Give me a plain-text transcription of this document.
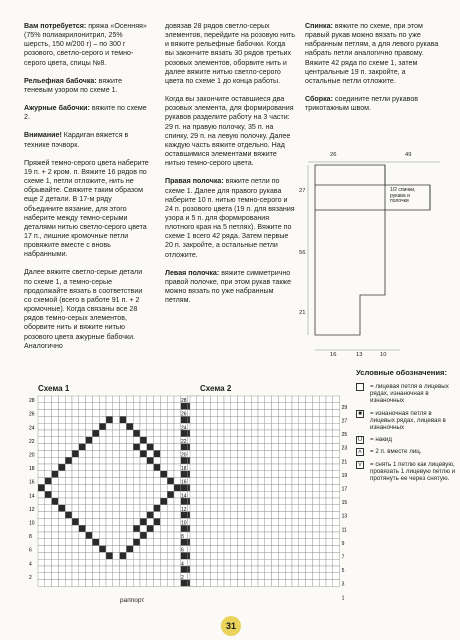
Вам потребуется: пряжа «Осенняя» (75% полиакрилонитрил, 25% шерсть, 150 м/200 г) – по 300 г розового, светло-серого и темно-серого цвета, спицы №8.

Рельефная бабочка: вяжите теневым узором по схеме 1.

Ажурные бабочки: вяжите по схеме 2.

Внимание! Кардиган вяжется в технике пэчворк.

Пряжей темно-серого цвета наберите 19 п. + 2 кром. п. Вяжите 16 рядов по схеме 1, петли отложите, нить не обрывайте. Свяжите таким образом еще 2 детали. В 17-м ряду объедините вязание, для этого наберите между темно-серыми деталями нитью светло-серого цвета 17 п., лишние кромочные петли провяжите вместе с вновь набранными.

Далее вяжите светло-серые детали по схеме 1, а темно-серые продолжайте вязать в соответствии со схемой (всего в работе 91 п. + 2 кромочные). Когда связаны все 28 рядов темно-серых элементов, оборвите нить и вяжите нитью розового цвета ажурные бабочки. Аналогично

довязав 28 рядов светло-серых элементов, перейдите на розовую нить и вяжите рельефные бабочки. Когда вы закончите вязать 30 рядов третьих розовых элементов, оборвите нить и далее вяжите нитью светло-серого цвета по схеме 1 до конца работы.

Когда вы закончите оставшиеся два розовых элемента, для формирования рукавов разделите работу на 3 части: 29 п. на правую полочку, 35 п. на спинку, 29 п. на левую полочку. Далее каждую часть вяжите отдельно. Над оставшимися элементами вяжите нитью темно-серого цвета.

Правая полочка: вяжите петли по схеме 1. Далее для правого рукава наберите 10 п. нитью темно-серого и 24 п. розового цвета (19 п. для вязания узора и 5 п. для формирования плотного края на 5 петлях). Вяжите по схеме 1 всего 42 ряда. Затем первые 20 п. закройте, а остальные петли отложите.

Левая полочка: вяжите симметрично правой полочке, при этом рукав также можно вязать по уже набранным петлям.

Спинка: вяжите по схеме, при этом правый рукав можно вязать по уже набранным петлям, а для левого рукава набрать петли аналогично правому. Вяжите 42 ряда по схеме 1, затем центральные 19 п. закройте, а остальные петли отложите.

Сборка: соедините петли рукавов трикотажным швом.

26	49
27
56
21
16	13	10
1/2 спинки, рукава и полочки
Схема 1
28
26
24
22
20
18
16
14
12
10
8
6
4
2
раппорт
Схема 2
28
26
24
22
20
18
16
14
12
10
8
6
4
2
29
27
25
23
21
19
17
15
13
11
9
7
5
3
1
Условные обозначения:
= лицевая петля в лицевых рядах, изнаночная в изнаночных
■	= изнаночная петля в лицевых рядах, лицевая в изнаночных
U = накид
⋏ = 2 п. вместе лиц.
⋎ = снять 1 петлю как лицевую, провязать 1 лицевую петлю и протянуть ее через снятую.
31
